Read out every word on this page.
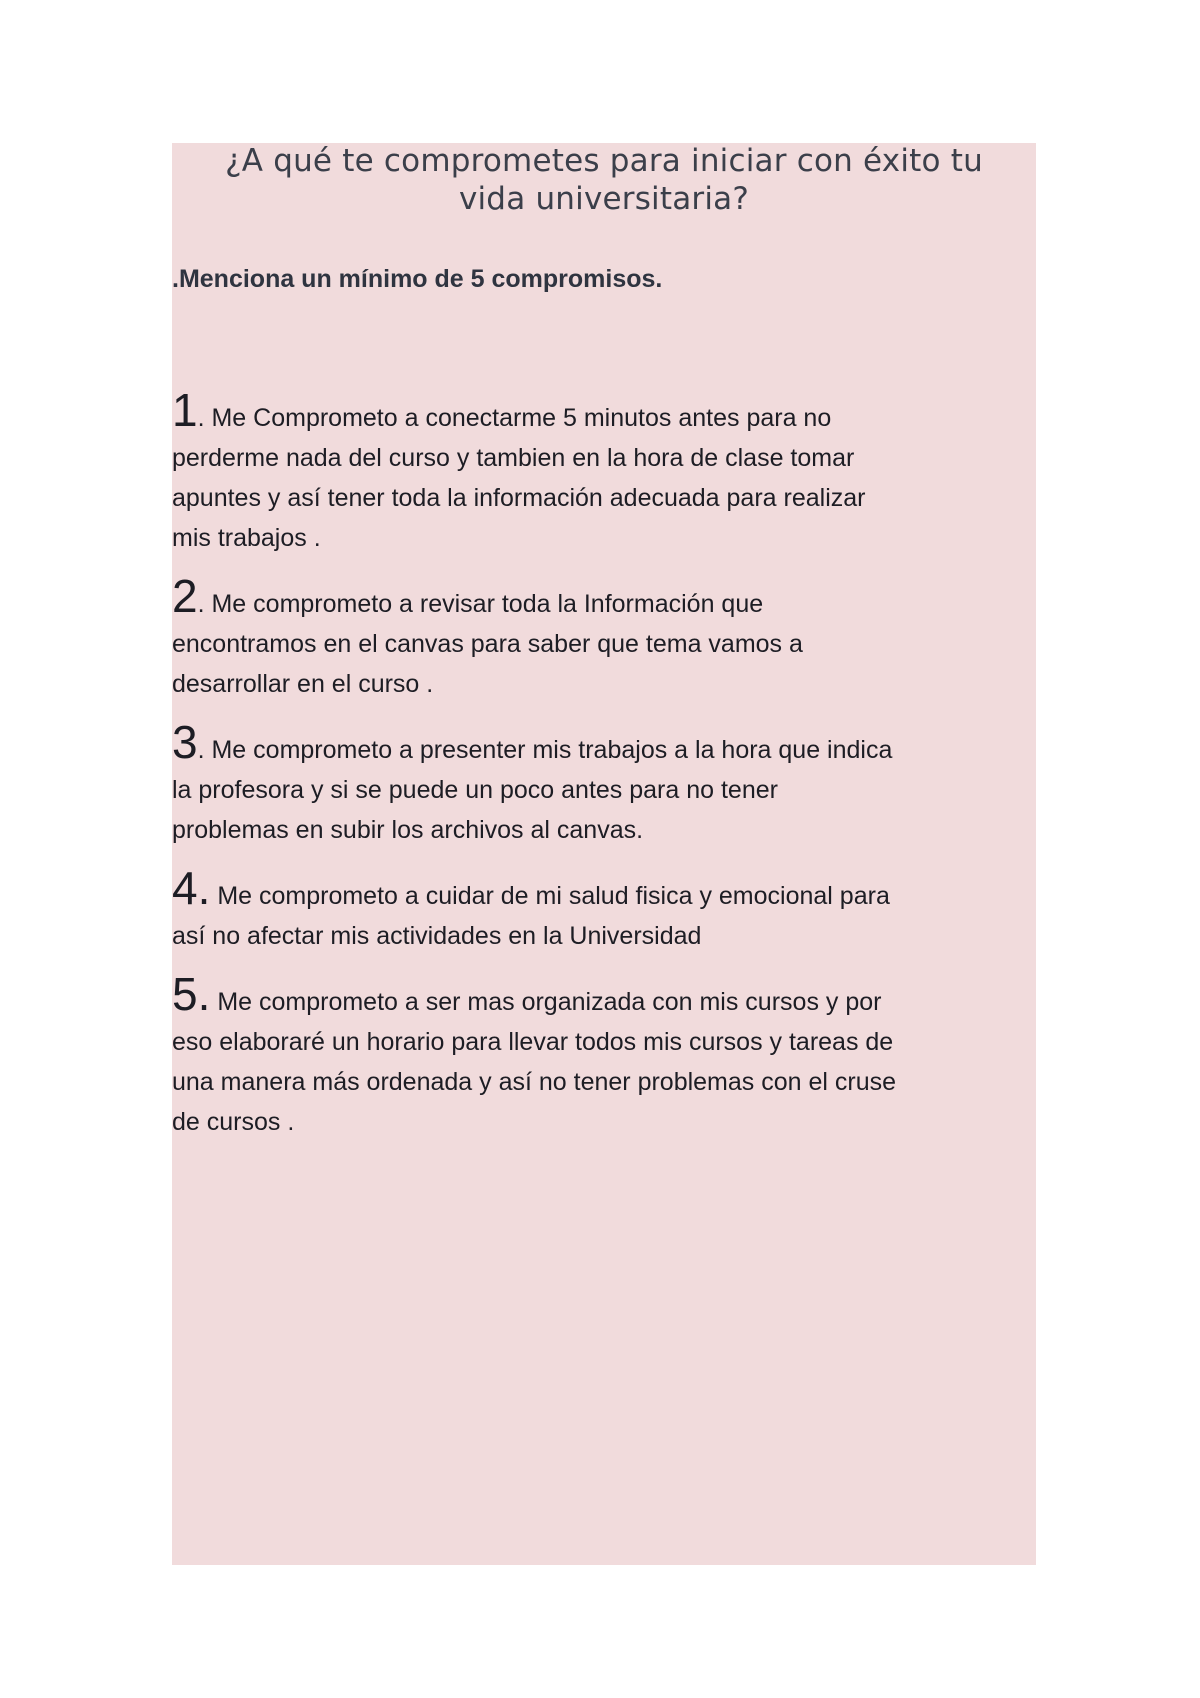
¿A qué te comprometes para iniciar con éxito tu
vida universitaria?
.Menciona un mínimo de 5 compromisos.
1. Me Comprometo a conectarme 5 minutos antes para no
perderme nada del curso y tambien en la hora de clase tomar
apuntes y así tener toda la información adecuada para realizar
mis trabajos .
2. Me comprometo a revisar toda la Información que
encontramos en el canvas para saber que tema vamos a
desarrollar en el curso .
3. Me comprometo a presenter mis trabajos a la hora que indica
la profesora y si se puede un poco antes para no tener
problemas en subir los archivos al canvas.
4. Me comprometo a cuidar de mi salud fisica y emocional para
así no afectar mis actividades en la Universidad
5. Me comprometo a ser mas organizada con mis cursos y por
eso elaboraré un horario para llevar todos mis cursos y tareas de
una manera más ordenada y así no tener problemas con el cruse
de cursos .
